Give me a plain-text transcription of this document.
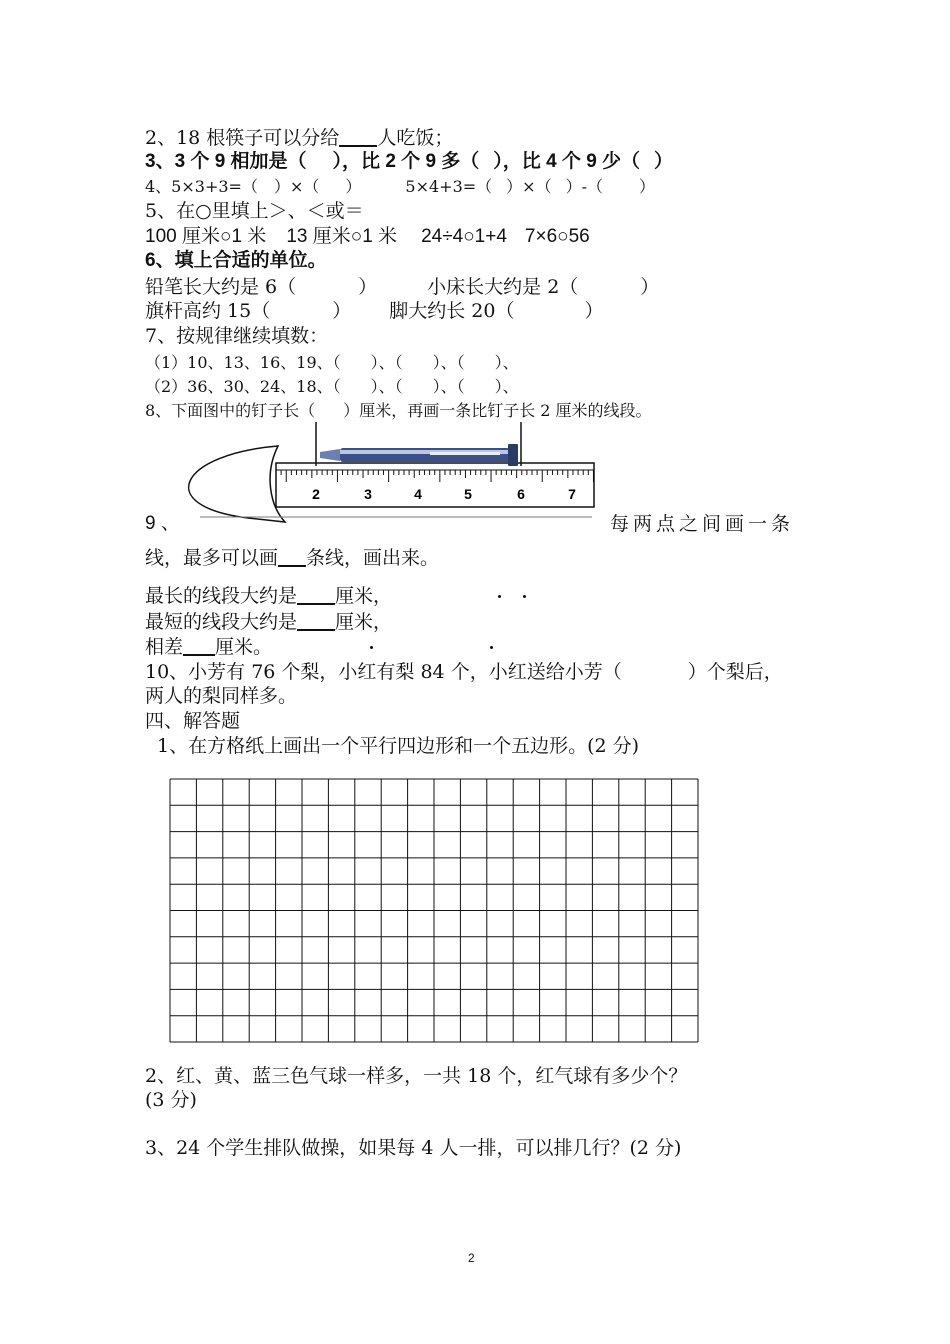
2、18 根筷子可以分给 人吃饭；
3、3 个 9 相加是（ ），比 2 个 9 多（ ），比 4 个 9 少（ ）
4、5×3+3=（ ）×（ ）	5×4+3=（ ）×（ ）-（ ）
5、在○里填上＞、＜或＝
100 厘米○1 米 13 厘米○1 米 24÷4○1+4 7×6○56
6、填上合适的单位。
铅笔长大约是 6（	）	小床长大约是 2（	）
旗杆高约 15（	） 脚大约长 20（	）
7、按规律继续填数：
（1）10、13、16、19、（ ）、（ ）、（ ）、
（2）36、30、24、18、（ ）、（ ）、（ ）、
8、下面图中的钉子长（ ）厘米，再画一条比钉子长 2 厘米的线段。
2	3	4	5	6	7
9 、	每两点之间画一条
线，最多可以画 条线，画出来。
最长的线段大约是 厘米，
最短的线段大约是 厘米，
相差 厘米。
10、小芳有 76 个梨，小红有梨 84 个，小红送给小芳（	）个梨后，
两人的梨同样多。
四、解答题
1、在方格纸上画出一个平行四边形和一个五边形。(2 分)
2、红、黄、蓝三色气球一样多，一共 18 个，红气球有多少个？
(3 分)
3、24 个学生排队做操，如果每 4 人一排，可以排几行？(2 分)
2
